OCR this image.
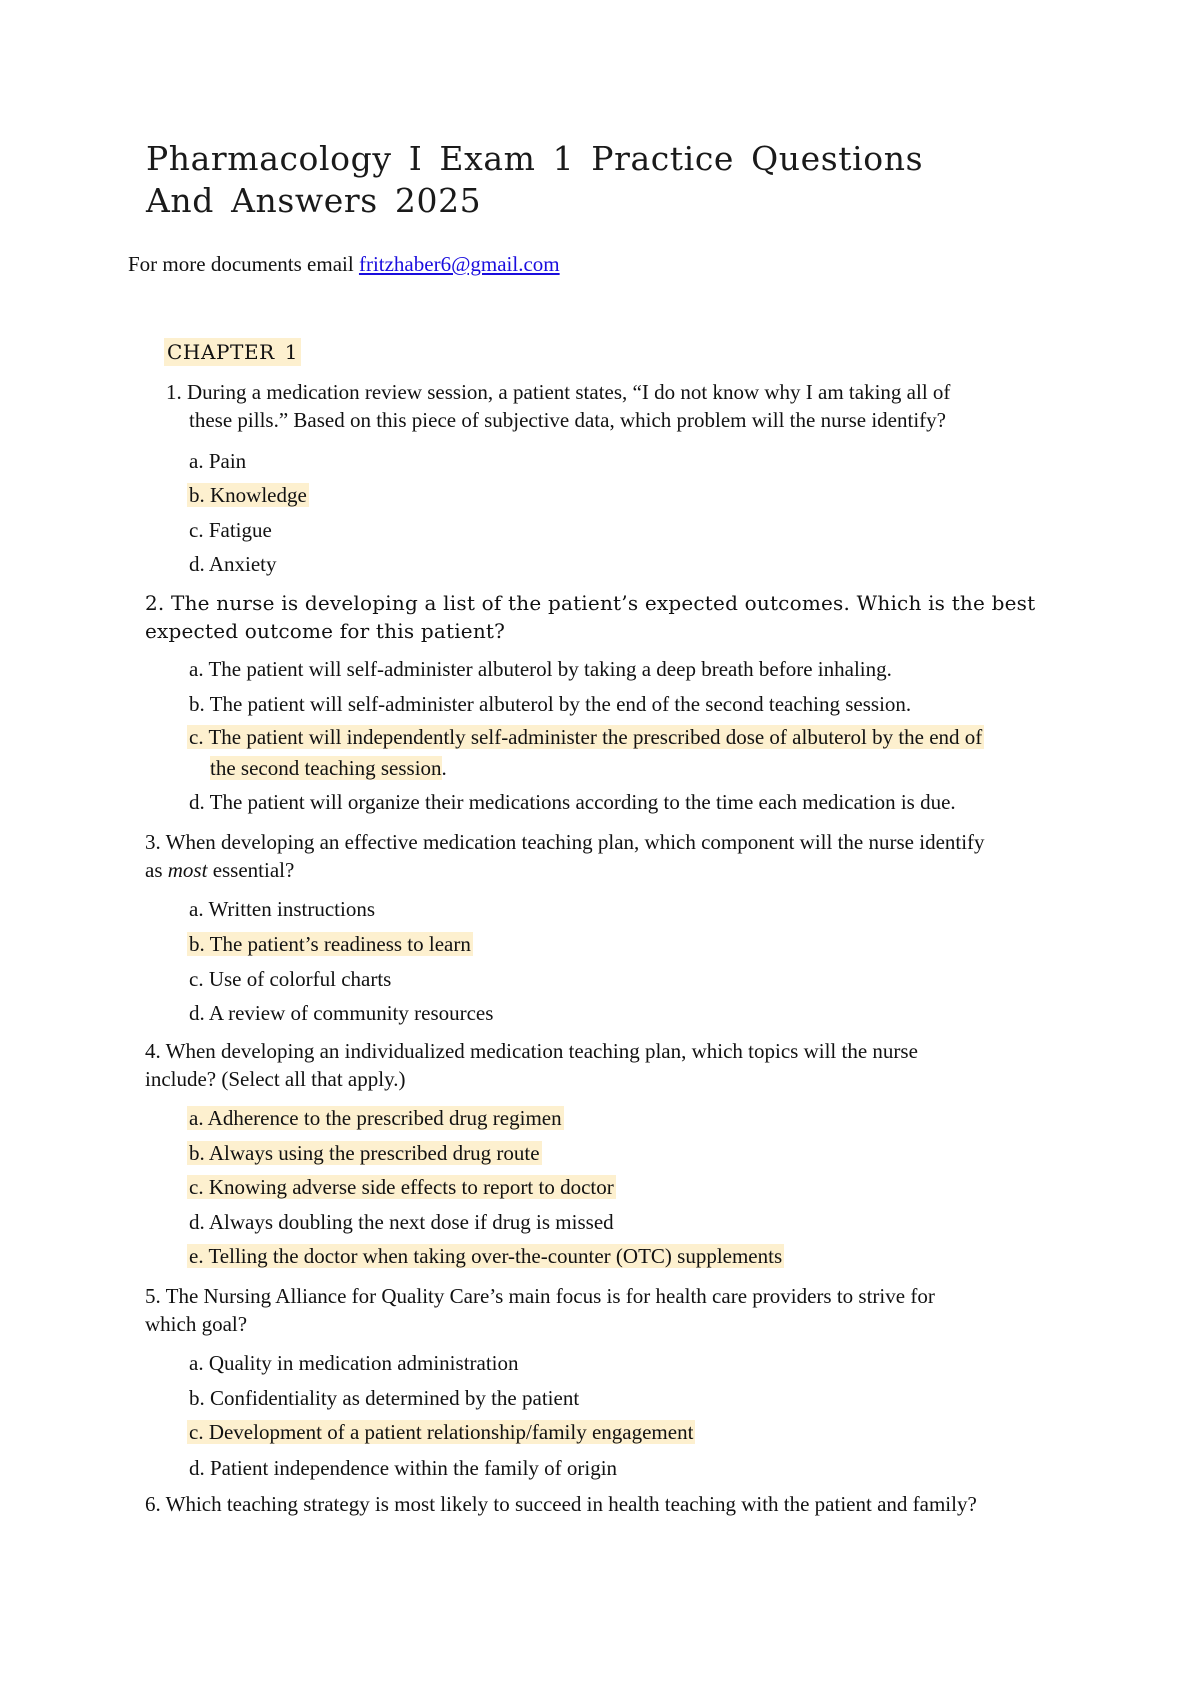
Pharmacology I Exam 1 Practice Questions And Answers 2025
For more documents email fritzhaber6@gmail.com
CHAPTER 1
1. During a medication review session, a patient states, “I do not know why I am taking all of
these pills.” Based on this piece of subjective data, which problem will the nurse identify?
a. Pain
b. Knowledge
c. Fatigue
d. Anxiety
2. The nurse is developing a list of the patient’s expected outcomes. Which is the best
expected outcome for this patient?
a. The patient will self-administer albuterol by taking a deep breath before inhaling.
b. The patient will self-administer albuterol by the end of the second teaching session.
c. The patient will independently self-administer the prescribed dose of albuterol by the end of
the second teaching session.
d. The patient will organize their medications according to the time each medication is due.
3. When developing an effective medication teaching plan, which component will the nurse identify
as most essential?
a. Written instructions
b. The patient’s readiness to learn
c. Use of colorful charts
d. A review of community resources
4. When developing an individualized medication teaching plan, which topics will the nurse
include? (Select all that apply.)
a. Adherence to the prescribed drug regimen
b. Always using the prescribed drug route
c. Knowing adverse side effects to report to doctor
d. Always doubling the next dose if drug is missed
e. Telling the doctor when taking over-the-counter (OTC) supplements
5. The Nursing Alliance for Quality Care’s main focus is for health care providers to strive for
which goal?
a. Quality in medication administration
b. Confidentiality as determined by the patient
c. Development of a patient relationship/family engagement
d. Patient independence within the family of origin
6. Which teaching strategy is most likely to succeed in health teaching with the patient and family?
